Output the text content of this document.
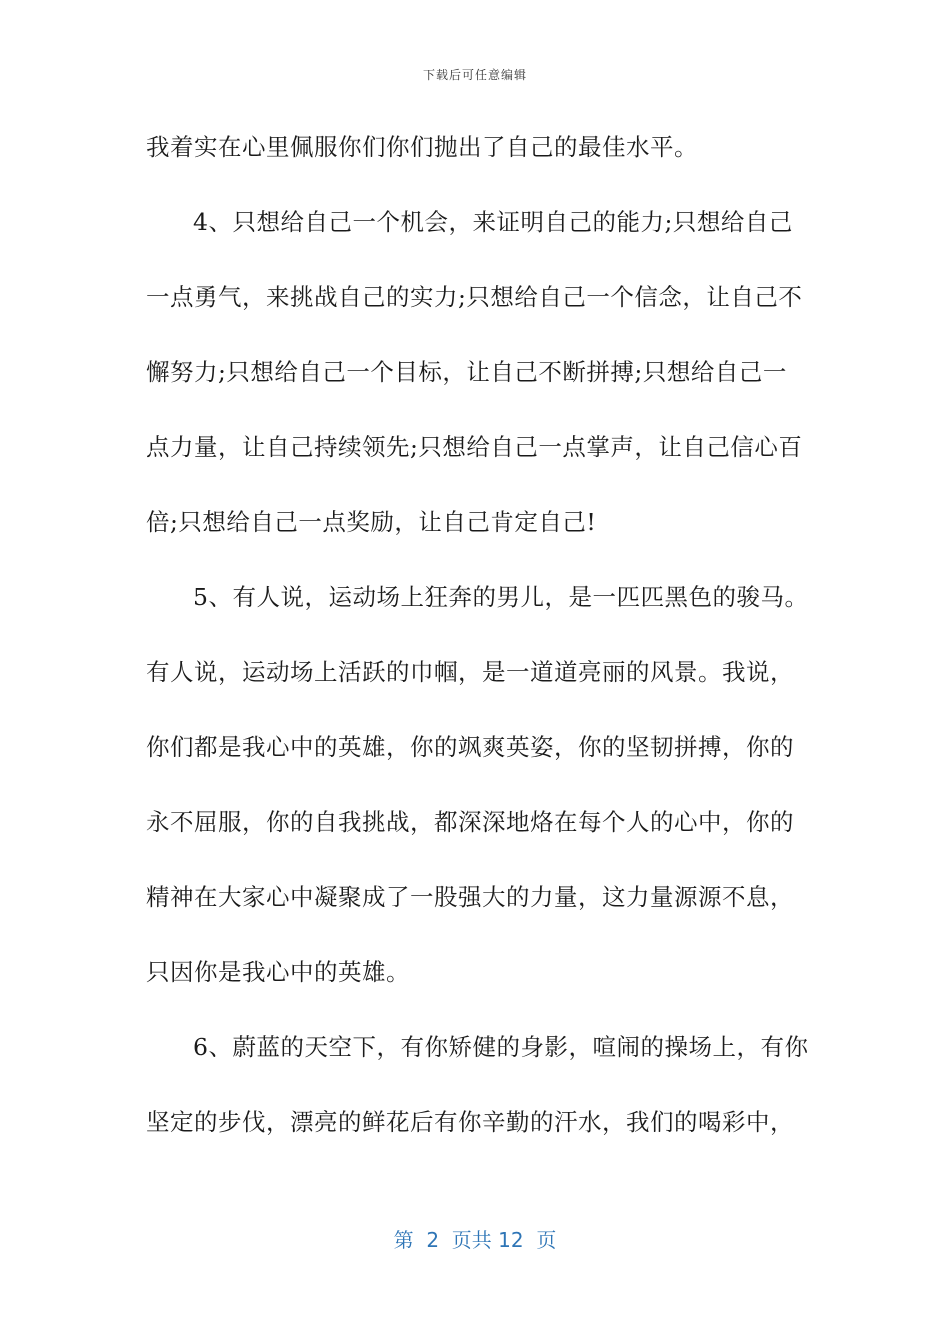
下载后可任意编辑
我着实在心里佩服你们你们抛出了自己的最佳水平。
4、只想给自己一个机会，来证明自己的能力;只想给自己
一点勇气，来挑战自己的实力;只想给自己一个信念，让自己不
懈努力;只想给自己一个目标，让自己不断拼搏;只想给自己一
点力量，让自己持续领先;只想给自己一点掌声，让自己信心百
倍;只想给自己一点奖励，让自己肯定自己!
5、有人说，运动场上狂奔的男儿，是一匹匹黑色的骏马。
有人说，运动场上活跃的巾帼，是一道道亮丽的风景。我说，
你们都是我心中的英雄，你的飒爽英姿，你的坚韧拼搏，你的
永不屈服，你的自我挑战，都深深地烙在每个人的心中，你的
精神在大家心中凝聚成了一股强大的力量，这力量源源不息，
只因你是我心中的英雄。
6、蔚蓝的天空下，有你矫健的身影，喧闹的操场上，有你
坚定的步伐，漂亮的鲜花后有你辛勤的汗水，我们的喝彩中，
第  2  页共 12  页
